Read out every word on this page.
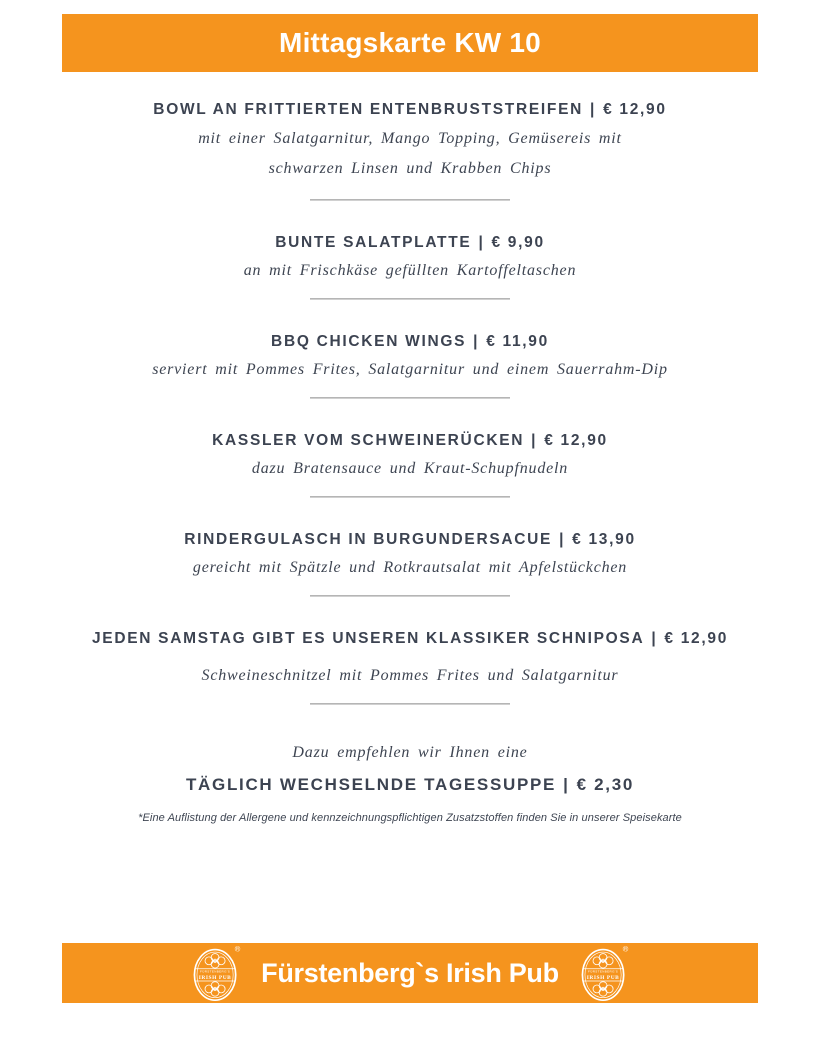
Mittagskarte KW 10
BOWL AN FRITTIERTEN ENTENBRUSTSTREIFEN | € 12,90
mit einer Salatgarnitur, Mango Topping, Gemüsereis mit
schwarzen Linsen und Krabben Chips
BUNTE SALATPLATTE | € 9,90
an mit Frischkäse gefüllten Kartoffeltaschen
BBQ CHICKEN WINGS | € 11,90
serviert mit Pommes Frites, Salatgarnitur und einem Sauerrahm-Dip
KASSLER VOM SCHWEINERÜCKEN | € 12,90
dazu Bratensauce und Kraut-Schupfnudeln
RINDERGULASCH IN BURGUNDERSACUE | € 13,90
gereicht mit Spätzle und Rotkrautsalat mit Apfelstückchen
JEDEN SAMSTAG GIBT ES UNSEREN KLASSIKER SCHNIPOSA | € 12,90
Schweineschnitzel mit Pommes Frites und Salatgarnitur
Dazu empfehlen wir Ihnen eine
TÄGLICH WECHSELNDE TAGESSUPPE | € 2,30
*Eine Auflistung der Allergene und kennzeichnungspflichtigen Zusatzstoffen finden Sie in unserer Speisekarte
FÜRSTENBERG'S
IRISH PUB
®
Fürstenberg`s Irish Pub	FÜRSTENBERG'S
IRISH PUB
®
